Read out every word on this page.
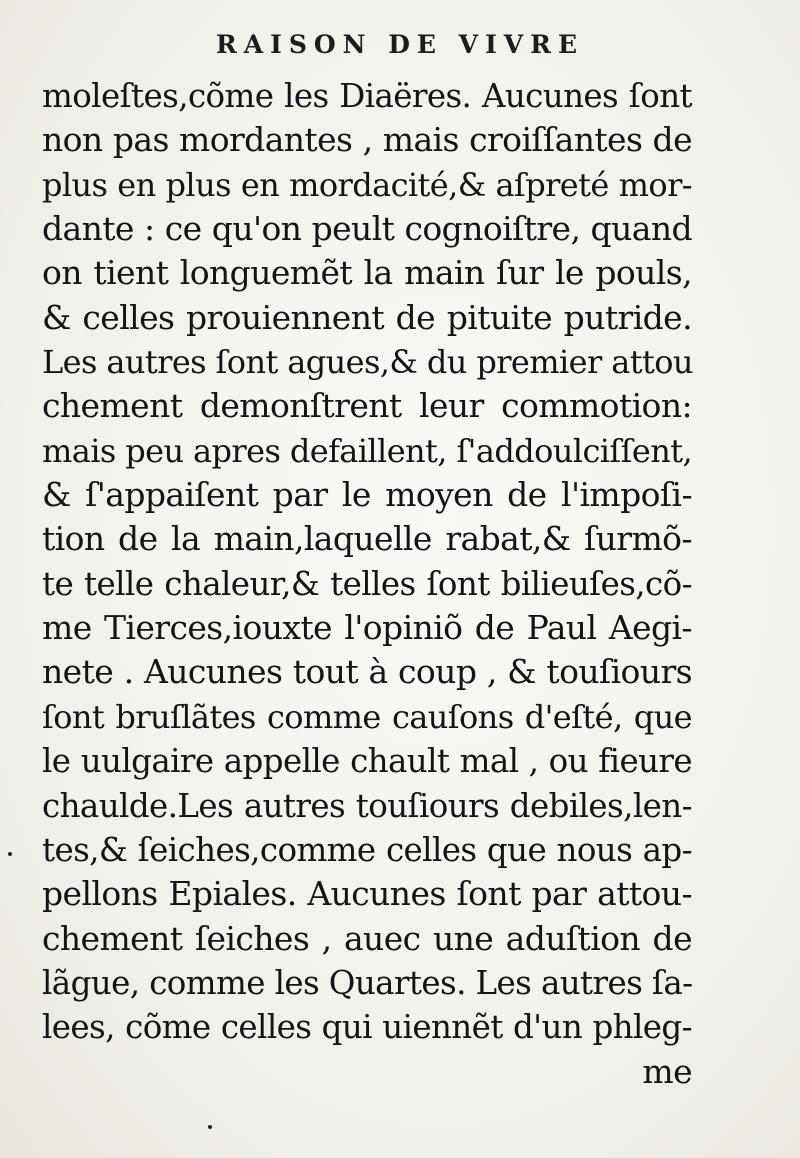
RAISON DE VIVRE
moleſtes,cõme les Diaëres. Aucunes ſont
non pas mordantes , mais croiſſantes de
plus en plus en mordacité,& aſpreté mor-
dante : ce qu'on peult cognoiſtre, quand
on tient longuemẽt la main ſur le pouls,
& celles prouiennent de pituite putride.
Les autres ſont agues,& du premier attou
chement demonſtrent leur commotion:
mais peu apres defaillent, ſ'addoulciſſent,
& ſ'appaiſent par le moyen de l'impoſi-
tion de la main,laquelle rabat,& ſurmõ-
te telle chaleur,& telles ſont bilieuſes,cõ-
me Tierces,iouxte l'opiniõ de Paul Aegi-
nete . Aucunes tout à coup , & touſiours
ſont bruſlãtes comme cauſons d'eſté, que
le uulgaire appelle chault mal , ou fieure
chaulde.Les autres touſiours debiles,len-
tes,& ſeiches,comme celles que nous ap-
pellons Epiales. Aucunes ſont par attou-
chement ſeiches , auec une aduſtion de
lãgue, comme les Quartes. Les autres ſa-
lees, cõme celles qui uiennẽt d'un phleg-
me
